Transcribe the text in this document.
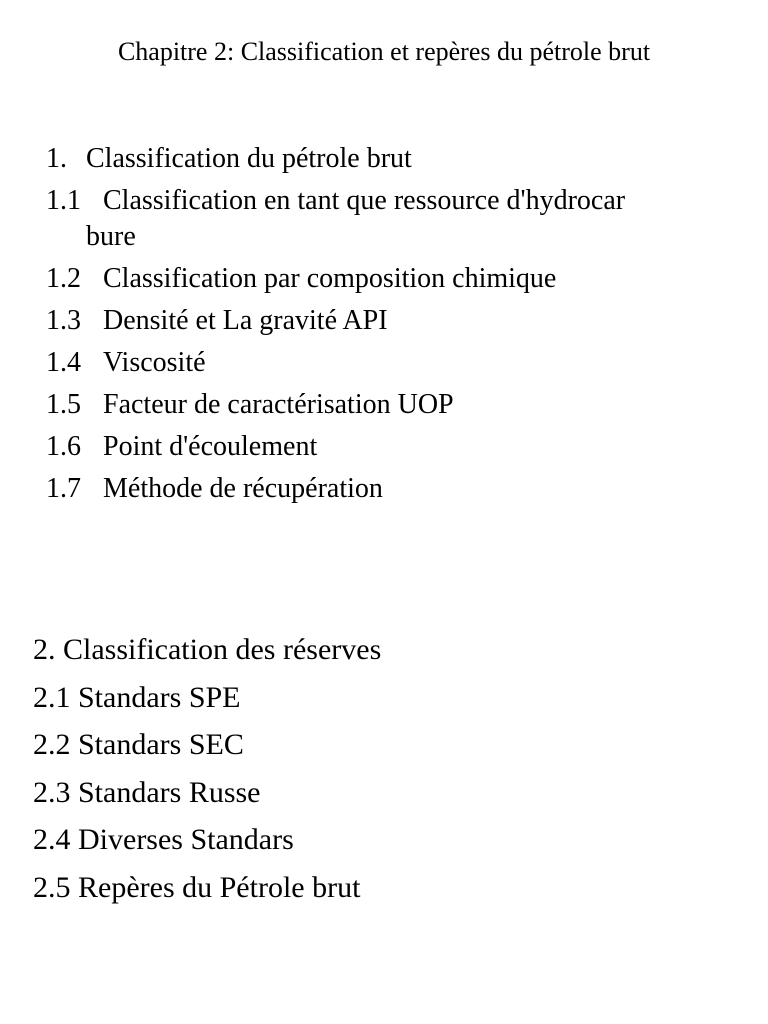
Chapitre 2: Classification et repères du pétrole brut
1. Classification du pétrole brut
1.1 Classification en tant que ressource d'hydrocar
bure
1.2 Classification par composition chimique
1.3 Densité et La gravité API
1.4 Viscosité
1.5 Facteur de caractérisation UOP
1.6 Point d'écoulement
1.7 Méthode de récupération
2. Classification des réserves
2.1 Standars SPE
2.2 Standars SEC
2.3 Standars Russe
2.4 Diverses Standars
2.5 Repères du Pétrole brut
